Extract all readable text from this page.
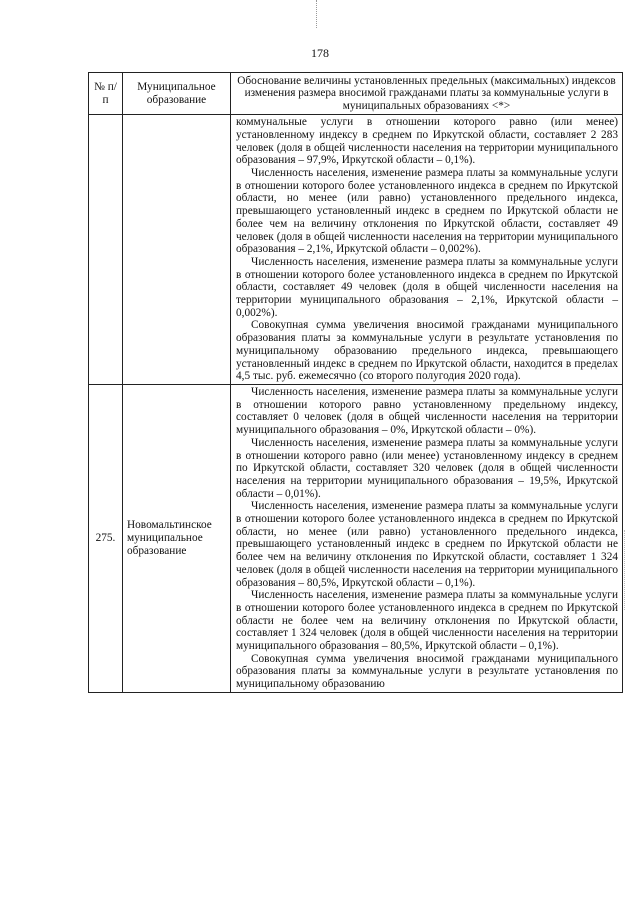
178
№ п/п	Муниципальное образование	Обоснование величины установленных предельных (максимальных) индексов изменения размера вносимой гражданами платы за коммунальные услуги в муниципальных образованиях <*>

		коммунальные услуги в отношении которого равно (или менее) установленному индексу в среднем по Иркутской области, составляет 2 283 человек (доля в общей численности населения на территории муниципального образования – 97,9%, Иркутской области – 0,1%).

Численность населения, изменение размера платы за коммунальные услуги в отношении которого более установленного индекса в среднем по Иркутской области, но менее (или равно) установленного предельного индекса, превышающего установленный индекс в среднем по Иркутской области не более чем на величину отклонения по Иркутской области, составляет 49 человек (доля в общей численности населения на территории муниципального образования – 2,1%, Иркутской области – 0,002%).

Численность населения, изменение размера платы за коммунальные услуги в отношении которого более установленного индекса в среднем по Иркутской области, составляет 49 человек (доля в общей численности населения на территории муниципального образования – 2,1%, Иркутской области – 0,002%).

Совокупная сумма увеличения вносимой гражданами муниципального образования платы за коммунальные услуги в результате установления по муниципальному образованию предельного индекса, превышающего установленный индекс в среднем по Иркутской области, находится в пределах 4,5 тыс. руб. ежемесячно (со второго полугодия 2020 года).

275.	Новомальтинское муниципальное образование	Численность населения, изменение размера платы за коммунальные услуги в отношении которого равно установленному предельному индексу, составляет 0 человек (доля в общей численности населения на территории муниципального образования – 0%, Иркутской области – 0%).

Численность населения, изменение размера платы за коммунальные услуги в отношении которого равно (или менее) установленному индексу в среднем по Иркутской области, составляет 320 человек (доля в общей численности населения на территории муниципального образования – 19,5%, Иркутской области – 0,01%).

Численность населения, изменение размера платы за коммунальные услуги в отношении которого более установленного индекса в среднем по Иркутской области, но менее (или равно) установленного предельного индекса, превышающего установленный индекс в среднем по Иркутской области не более чем на величину отклонения по Иркутской области, составляет 1 324 человек (доля в общей численности населения на территории муниципального образования – 80,5%, Иркутской области – 0,1%).

Численность населения, изменение размера платы за коммунальные услуги в отношении которого более установленного индекса в среднем по Иркутской области не более чем на величину отклонения по Иркутской области, составляет 1 324 человек (доля в общей численности населения на территории муниципального образования – 80,5%, Иркутской области – 0,1%).

Совокупная сумма увеличения вносимой гражданами муниципального образования платы за коммунальные услуги в результате установления по муниципальному образованию
